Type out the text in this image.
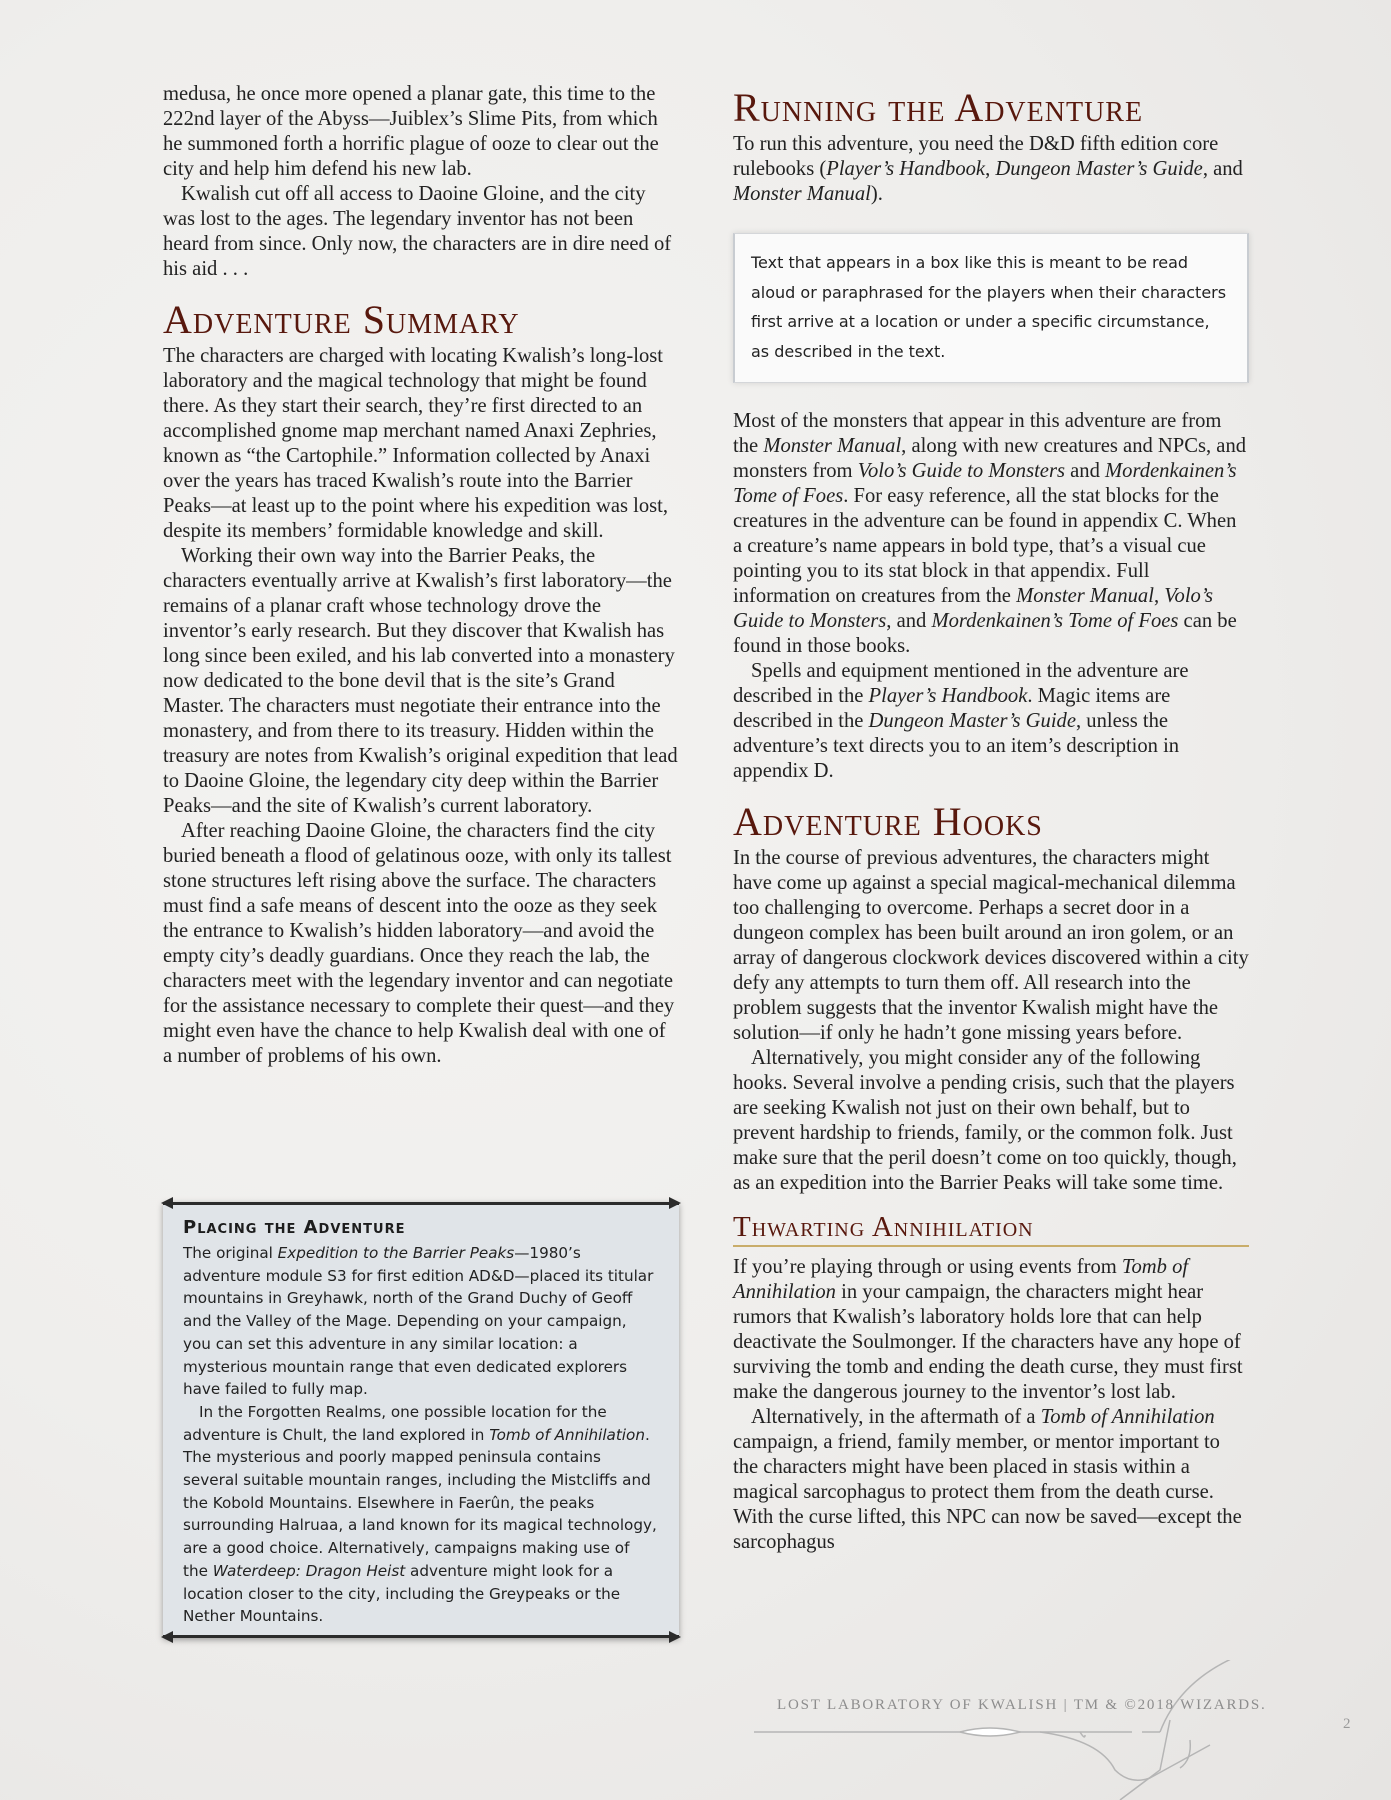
medusa, he once more opened a planar gate, this time to the 222nd layer of the Abyss—Juiblex’s Slime Pits, from which he summoned forth a horrific plague of ooze to clear out the city and help him defend his new lab.

Kwalish cut off all access to Daoine Gloine, and the city was lost to the ages. The legendary inventor has not been heard from since. Only now, the characters are in dire need of his aid . . .

Adventure Summary

The characters are charged with locating Kwalish’s long-lost laboratory and the magical technology that might be found there. As they start their search, they’re first directed to an accomplished gnome map merchant named Anaxi Zephries, known as “the Cartophile.” Information collected by Anaxi over the years has traced Kwalish’s route into the Barrier Peaks—at least up to the point where his expedition was lost, despite its members’ formidable knowledge and skill.

Working their own way into the Barrier Peaks, the characters eventually arrive at Kwalish’s first laboratory—the remains of a planar craft whose technology drove the inventor’s early research. But they discover that Kwalish has long since been exiled, and his lab converted into a monastery now dedicated to the bone devil that is the site’s Grand Master. The characters must negotiate their entrance into the monastery, and from there to its treasury. Hidden within the treasury are notes from Kwalish’s original expedition that lead to Daoine Gloine, the legendary city deep within the Barrier Peaks—and the site of Kwalish’s current laboratory.

After reaching Daoine Gloine, the characters find the city buried beneath a flood of gelatinous ooze, with only its tallest stone structures left rising above the surface. The characters must find a safe means of descent into the ooze as they seek the entrance to Kwalish’s hidden laboratory—and avoid the empty city’s deadly guardians. Once they reach the lab, the characters meet with the legendary inventor and can negotiate for the assistance necessary to complete their quest—and they might even have the chance to help Kwalish deal with one of a number of problems of his own.

Running the Adventure

To run this adventure, you need the D&D fifth edition core rulebooks (Player’s Handbook, Dungeon Master’s Guide, and Monster Manual).

Text that appears in a box like this is meant to be read aloud or paraphrased for the players when their characters first arrive at a location or under a specific circumstance, as described in the text.

Most of the monsters that appear in this adventure are from the Monster Manual, along with new creatures and NPCs, and monsters from Volo’s Guide to Monsters and Mordenkainen’s Tome of Foes. For easy reference, all the stat blocks for the creatures in the adventure can be found in appendix C. When a creature’s name appears in bold type, that’s a visual cue pointing you to its stat block in that appendix. Full information on creatures from the Monster Manual, Volo’s Guide to Monsters, and Mordenkainen’s Tome of Foes can be found in those books.

Spells and equipment mentioned in the adventure are described in the Player’s Handbook. Magic items are described in the Dungeon Master’s Guide, unless the adventure’s text directs you to an item’s description in appendix D.

Adventure Hooks

In the course of previous adventures, the characters might have come up against a special magical-mechanical dilemma too challenging to overcome. Perhaps a secret door in a dungeon complex has been built around an iron golem, or an array of dangerous clockwork devices discovered within a city defy any attempts to turn them off. All research into the problem suggests that the inventor Kwalish might have the solution—if only he hadn’t gone missing years before.

Alternatively, you might consider any of the following hooks. Several involve a pending crisis, such that the players are seeking Kwalish not just on their own behalf, but to prevent hardship to friends, family, or the common folk. Just make sure that the peril doesn’t come on too quickly, though, as an expedition into the Barrier Peaks will take some time.

Thwarting Annihilation

If you’re playing through or using events from Tomb of Annihilation in your campaign, the characters might hear rumors that Kwalish’s laboratory holds lore that can help deactivate the Soulmonger. If the characters have any hope of surviving the tomb and ending the death curse, they must first make the dangerous journey to the inventor’s lost lab.

Alternatively, in the aftermath of a Tomb of Annihilation campaign, a friend, family member, or mentor important to the characters might have been placed in stasis within a magical sarcophagus to protect them from the death curse. With the curse lifted, this NPC can now be saved—except the sarcophagus

Placing the Adventure

The original Expedition to the Barrier Peaks—1980’s adventure module S3 for first edition AD&D—placed its titular mountains in Greyhawk, north of the Grand Duchy of Geoff and the Valley of the Mage. Depending on your campaign, you can set this adventure in any similar location: a mysterious mountain range that even dedicated explorers have failed to fully map.

In the Forgotten Realms, one possible location for the adventure is Chult, the land explored in Tomb of Annihilation. The mysterious and poorly mapped peninsula contains several suitable mountain ranges, including the Mistcliffs and the Kobold Mountains. Elsewhere in Faerûn, the peaks surrounding Halruaa, a land known for its magical technology, are a good choice. Alternatively, campaigns making use of the Waterdeep: Dragon Heist adventure might look for a location closer to the city, including the Greypeaks or the Nether Mountains.

LOST LABORATORY OF KWALISH | TM & ©2018 WIZARDS.
2
